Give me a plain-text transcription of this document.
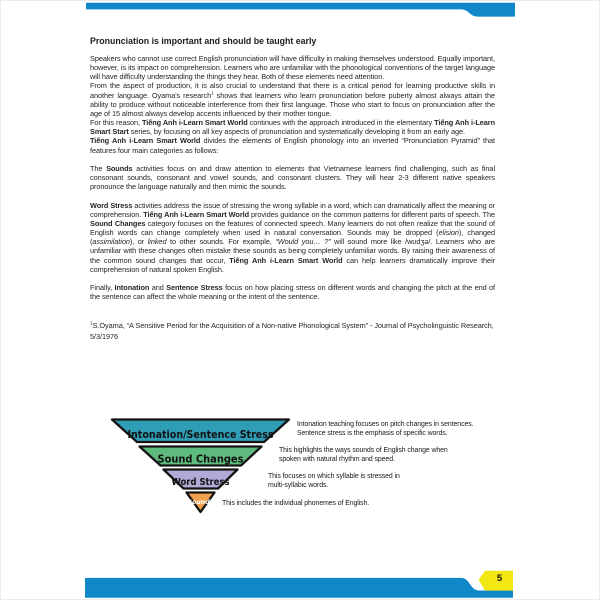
Intonation/Sentence Stress
Sound Changes
Word Stress
Sounds
Pronunciation is important and should be taught early

Speakers who cannot use correct English pronunciation will have difficulty in making themselves understood. Equally important, however, is its impact on comprehension. Learners who are unfamiliar with the phonological conventions of the target language will have difficulty understanding the things they hear. Both of these elements need attention.

From the aspect of production, it is also crucial to understand that there is a critical period for learning productive skills in another language. Oyama's research$^1$ shows that learners who learn pronunciation before puberty almost always attain the ability to produce without noticeable interference from their first language. Those who start to focus on pronunciation after the age of 15 almost always develop accents influenced by their mother tongue.

For this reason, Tiếng Anh i-Learn Smart World continues with the approach introduced in the elementary Tiếng Anh i-Learn Smart Start series, by focusing on all key aspects of pronunciation and systematically developing it from an early age.

Tiếng Anh i-Learn Smart World divides the elements of English phonology into an inverted “Pronunciation Pyramid” that features four main categories as follows:

The Sounds activities focus on and draw attention to elements that Vietnamese learners find challenging, such as final consonant sounds, consonant and vowel sounds, and consonant clusters. They will hear 2-3 different native speakers pronounce the language naturally and then mimic the sounds.

Word Stress activities address the issue of stressing the wrong syllable in a word, which can dramatically affect the meaning or comprehension. Tiếng Anh i-Learn Smart World provides guidance on the common patterns for different parts of speech. The Sound Changes category focuses on the features of connected speech. Many learners do not often realize that the sound of English words can change completely when used in natural conversation. Sounds may be dropped (elision), changed (assimilation), or linked to other sounds. For example, “Would you… ?” will sound more like /wʊdʒə/. Learners who are unfamiliar with these changes often mistake these sounds as being completely unfamiliar words. By raising their awareness of the common sound changes that occur, Tiếng Anh i-Learn Smart World can help learners dramatically improve their comprehension of natural spoken English.

Finally, Intonation and Sentence Stress focus on how placing stress on different words and changing the pitch at the end of the sentence can affect the whole meaning or the intent of the sentence.

$^1$S.Oyama, “A Sensitive Period for the Acquisition of a Non-native Phonological System” - Journal of Psycholinguistic Research, 5/3/1976

Intonation teaching focuses on pitch changes in sentences.
Sentence stress is the emphasis of specific words.
This highlights the ways sounds of English change when
spoken with natural rhythm and speed.
This focuses on which syllable is stressed in
multi-syllabic words.
This includes the individual phonemes of English.
5
